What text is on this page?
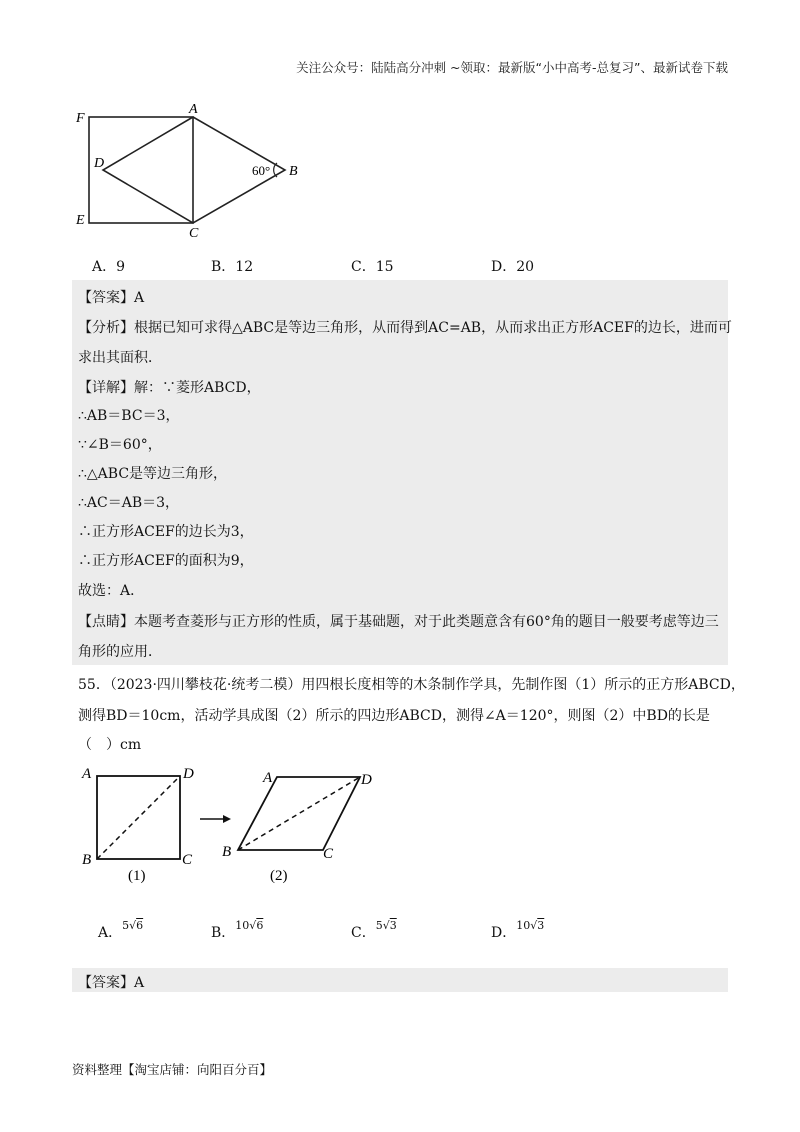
关注公众号：陆陆高分冲刺 ~领取：最新版“小中高考-总复习”、最新试卷下载
F
A
D
B
E
C
60°
A．9	B．12	C．15	D．20
【答案】A
【分析】根据已知可求得△ABC是等边三角形，从而得到AC=AB，从而求出正方形ACEF的边长，进而可
求出其面积．
【详解】解：∵菱形ABCD，
∴AB＝BC＝3，
∵∠B＝60°，
∴△ABC是等边三角形，
∴AC＝AB＝3，
∴正方形ACEF的边长为3，
∴正方形ACEF的面积为9，
故选：A．
【点睛】本题考查菱形与正方形的性质，属于基础题，对于此类题意含有60°角的题目一般要考虑等边三
角形的应用．
55．（2023·四川攀枝花·统考二模）用四根长度相等的木条制作学具，先制作图（1）所示的正方形ABCD，
测得BD＝10cm，活动学具成图（2）所示的四边形ABCD，测得∠A＝120°，则图（2）中BD的长是
（　）cm
A	D
B	C
(1)
A	D
B	C
(2)
A．$^{5√6}$	B．$^{10√6}$	C．$^{5√3}$	D．$^{10√3}$
【答案】A
资料整理【淘宝店铺：向阳百分百】
